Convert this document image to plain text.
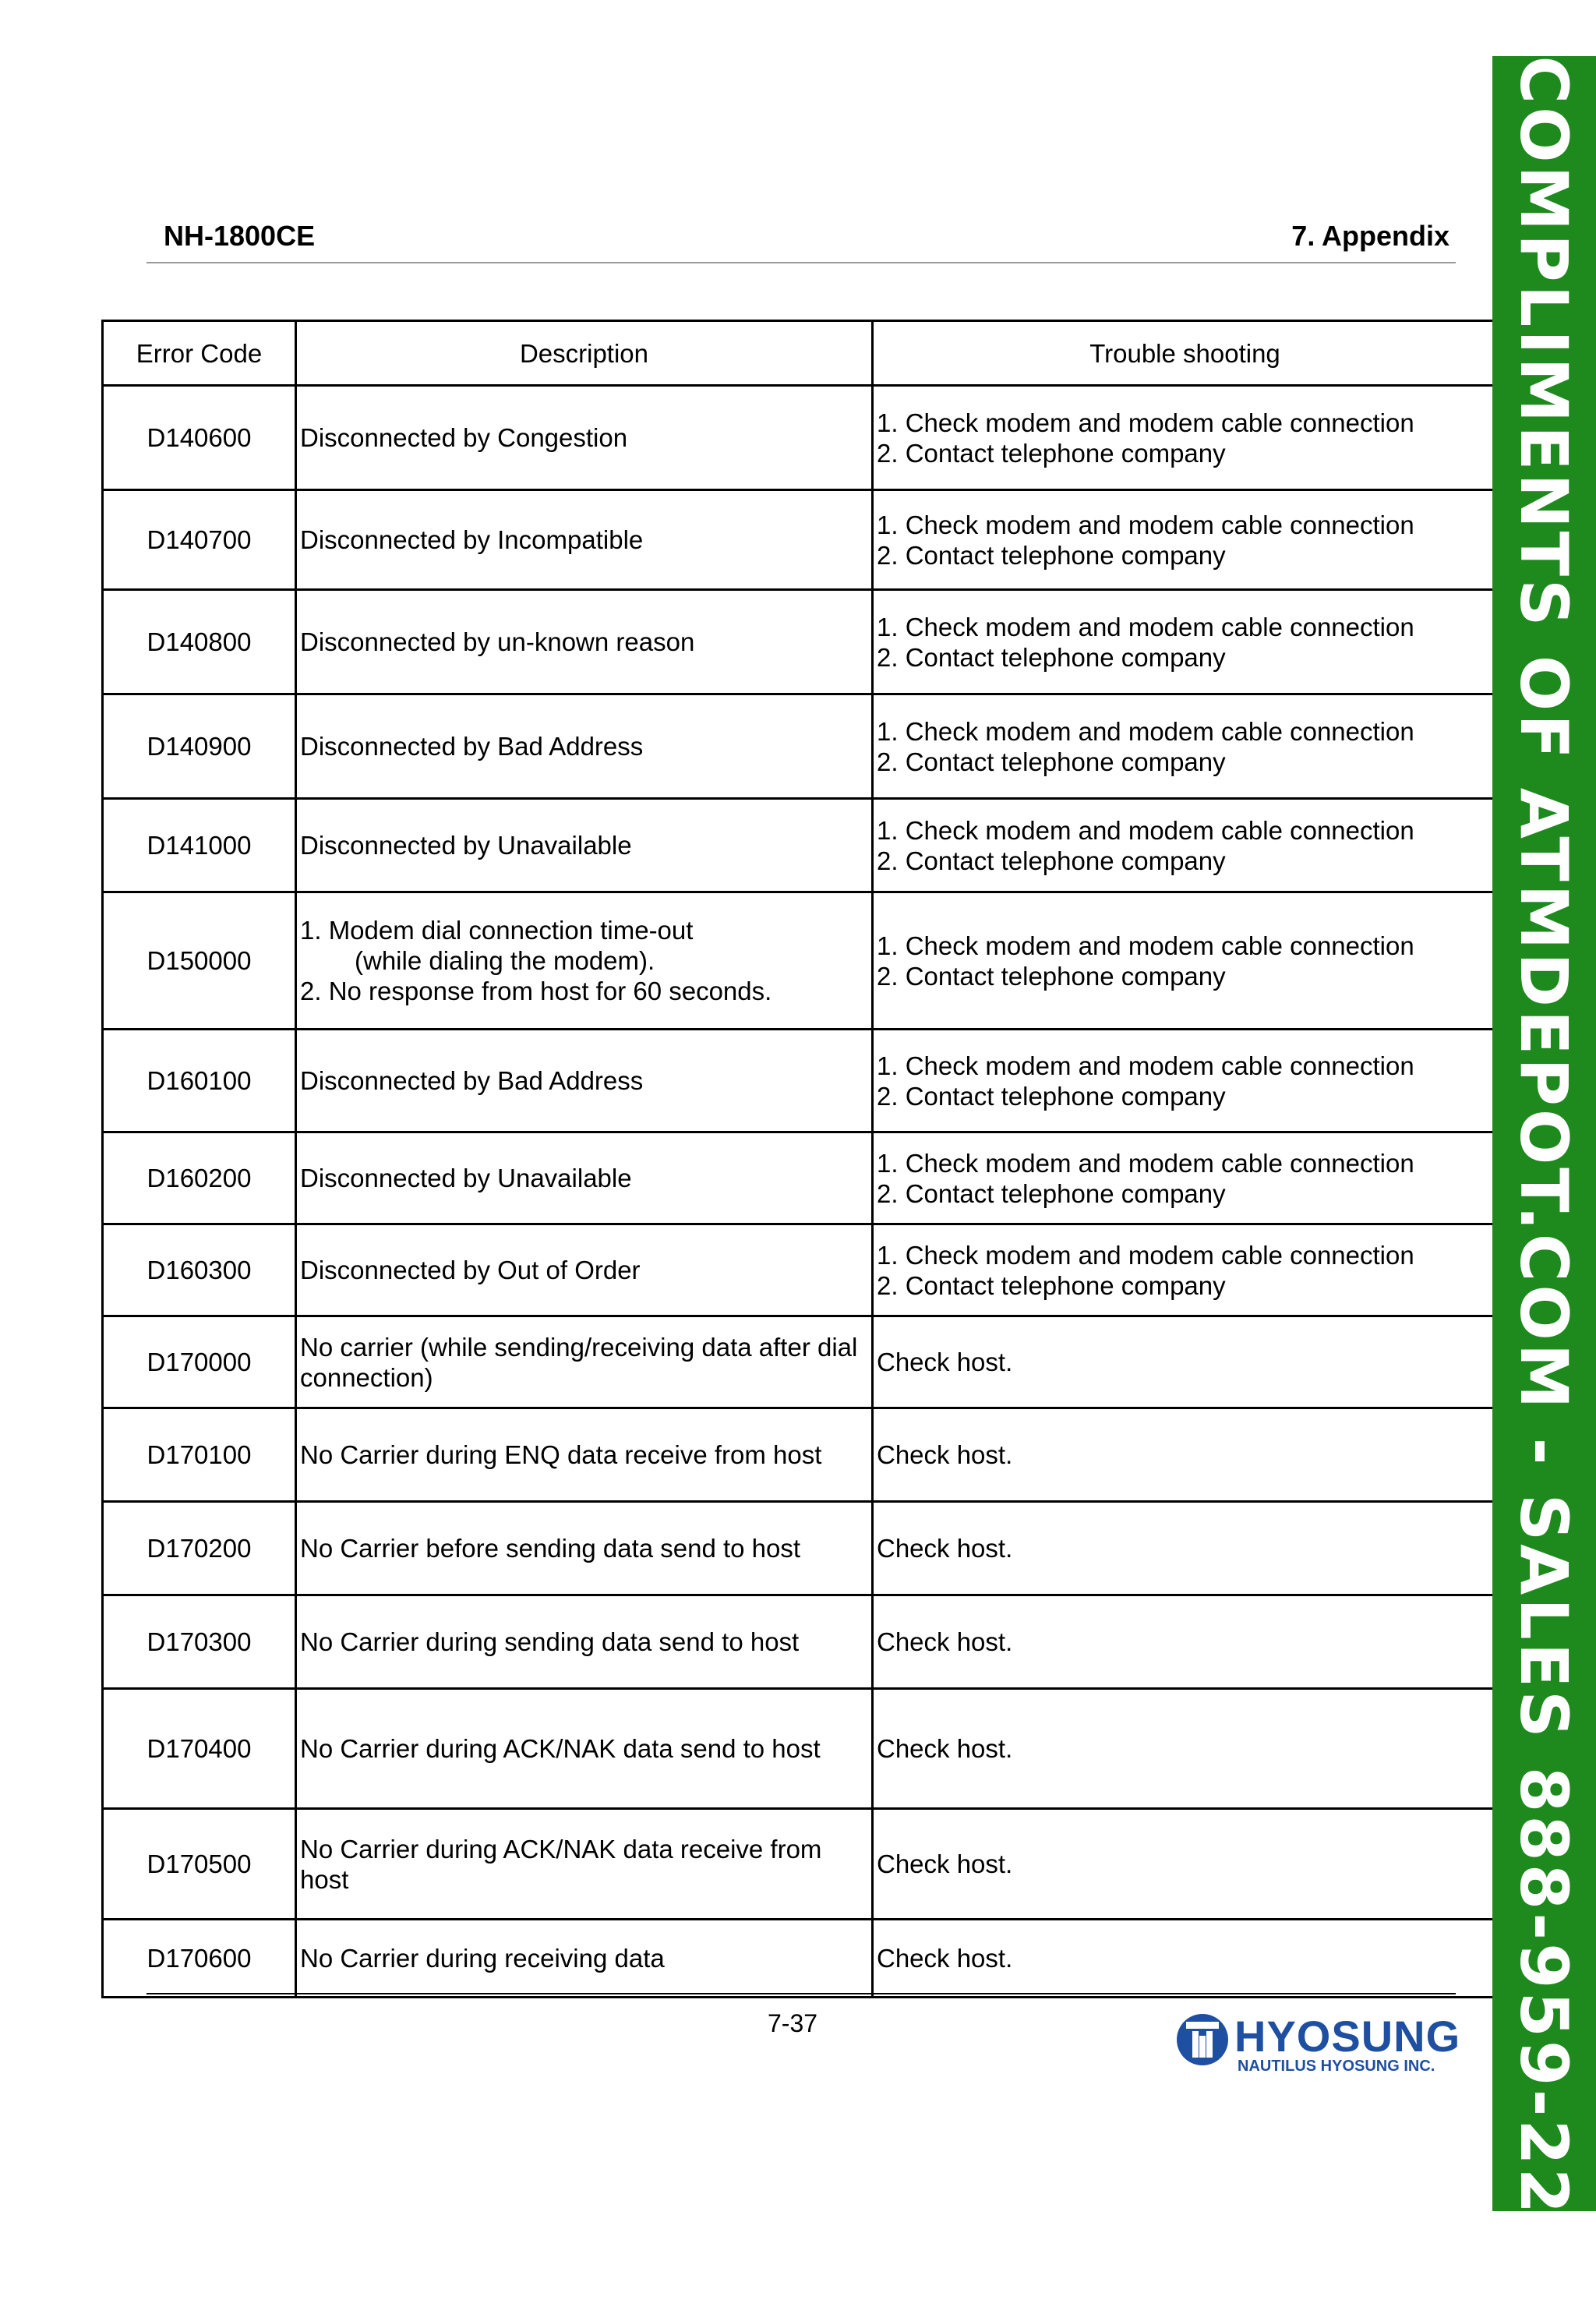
NH-1800CE	7. Appendix
Error Code	Description	Trouble shooting
D140600	Disconnected by Congestion	1. Check modem and modem cable connection
2. Contact telephone company

D140700	Disconnected by Incompatible	1. Check modem and modem cable connection
2. Contact telephone company

D140800	Disconnected by un-known reason	1. Check modem and modem cable connection
2. Contact telephone company

D140900	Disconnected by Bad Address	1. Check modem and modem cable connection
2. Contact telephone company

D141000	Disconnected by Unavailable	1. Check modem and modem cable connection
2. Contact telephone company

D150000	1. Modem dial connection time-out
(while dialing the modem).
2. No response from host for 60 seconds.	1. Check modem and modem cable connection
2. Contact telephone company

D160100	Disconnected by Bad Address	1. Check modem and modem cable connection
2. Contact telephone company

D160200	Disconnected by Unavailable	1. Check modem and modem cable connection
2. Contact telephone company

D160300	Disconnected by Out of Order	1. Check modem and modem cable connection
2. Contact telephone company

D170000	No carrier (while sending/receiving data after dial
connection)	Check host.

D170100	No Carrier during ENQ data receive from host	Check host.

D170200	No Carrier before sending data send to host	Check host.

D170300	No Carrier during sending data send to host	Check host.

D170400	No Carrier during ACK/NAK data send to host	Check host.

D170500	No Carrier during ACK/NAK data receive from
host	Check host.

D170600	No Carrier during receiving data	Check host.
7-37	HYOSUNG
NAUTILUS HYOSUNG INC. COMPLIMENTS OF ATMDEPOT.COM - SALES 888-959-2269
